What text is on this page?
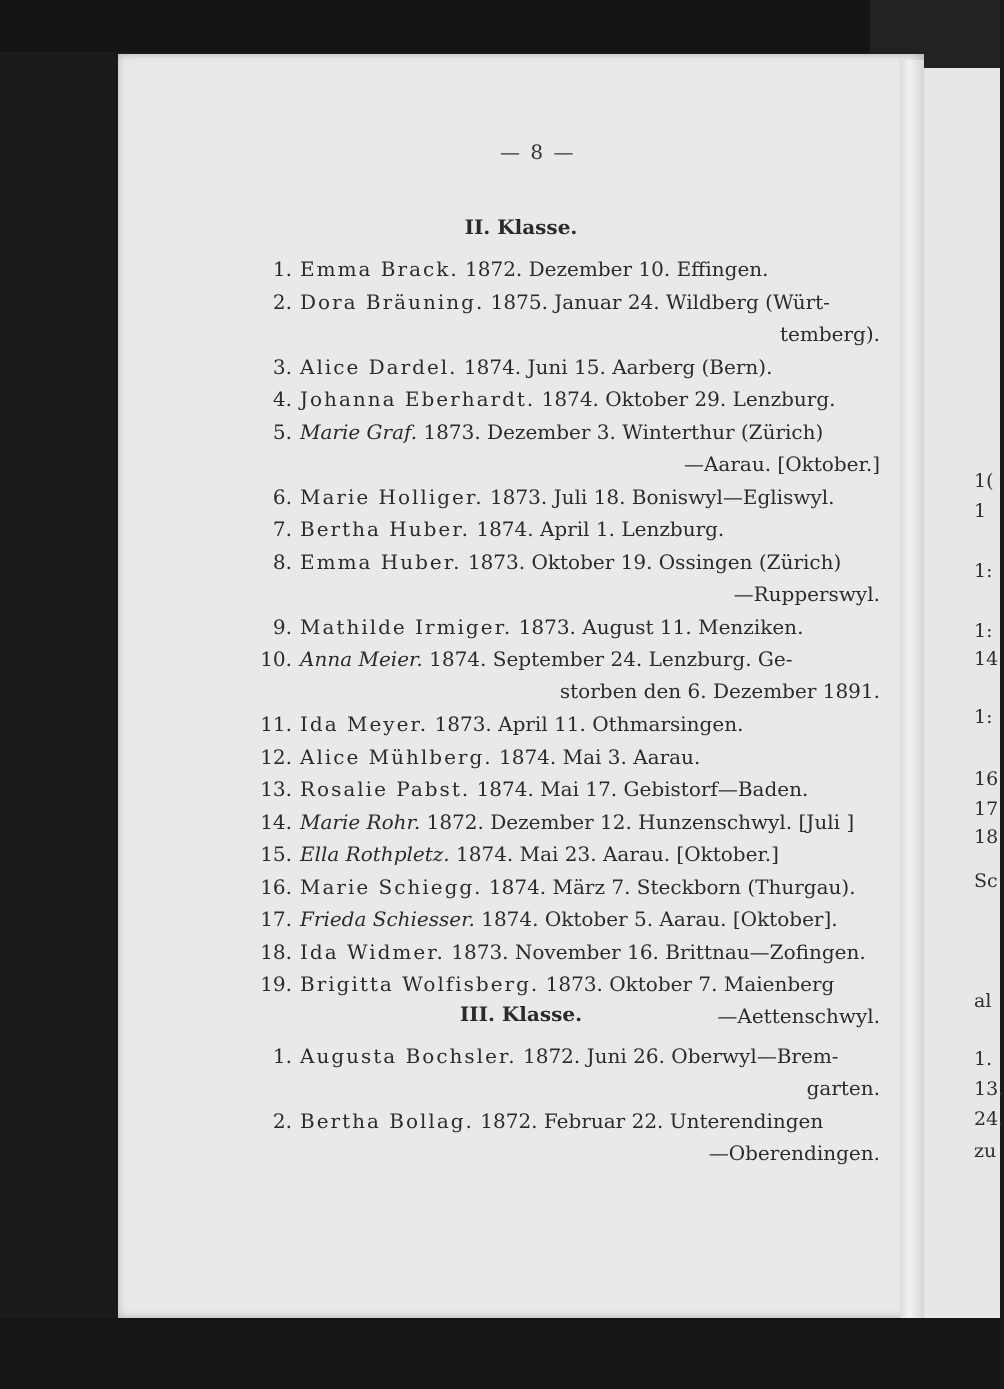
— 8 —
II. Klasse.
1. Emma Brack. 1872. Dezember 10. Effingen.
2. Dora Bräuning. 1875. Januar 24. Wildberg (Würt-
temberg).
3. Alice Dardel. 1874. Juni 15. Aarberg (Bern).
4. Johanna Eberhardt. 1874. Oktober 29. Lenzburg.
5. Marie Graf. 1873. Dezember 3. Winterthur (Zürich)
—Aarau. [Oktober.]
6. Marie Holliger. 1873. Juli 18. Boniswyl—Egliswyl.
7. Bertha Huber. 1874. April 1. Lenzburg.
8. Emma Huber. 1873. Oktober 19. Ossingen (Zürich)
—Rupperswyl.
9. Mathilde Irmiger. 1873. August 11. Menziken.
10. Anna Meier. 1874. September 24. Lenzburg. Ge-
storben den 6. Dezember 1891.
11. Ida Meyer. 1873. April 11. Othmarsingen.
12. Alice Mühlberg. 1874. Mai 3. Aarau.
13. Rosalie Pabst. 1874. Mai 17. Gebistorf—Baden.
14. Marie Rohr. 1872. Dezember 12. Hunzenschwyl. [Juli ]
15. Ella Rothpletz. 1874. Mai 23. Aarau. [Oktober.]
16. Marie Schiegg. 1874. März 7. Steckborn (Thurgau).
17. Frieda Schiesser. 1874. Oktober 5. Aarau. [Oktober].
18. Ida Widmer. 1873. November 16. Brittnau—Zofingen.
19. Brigitta Wolfisberg. 1873. Oktober 7. Maienberg
—Aettenschwyl.
III. Klasse.
1. Augusta Bochsler. 1872. Juni 26. Oberwyl—Brem-
garten.
2. Bertha Bollag. 1872. Februar 22. Unterendingen
—Oberendingen.
1(
1
1:
1:
14
1:
16
17
18
Sc
al
1.
13.
24.
zu
